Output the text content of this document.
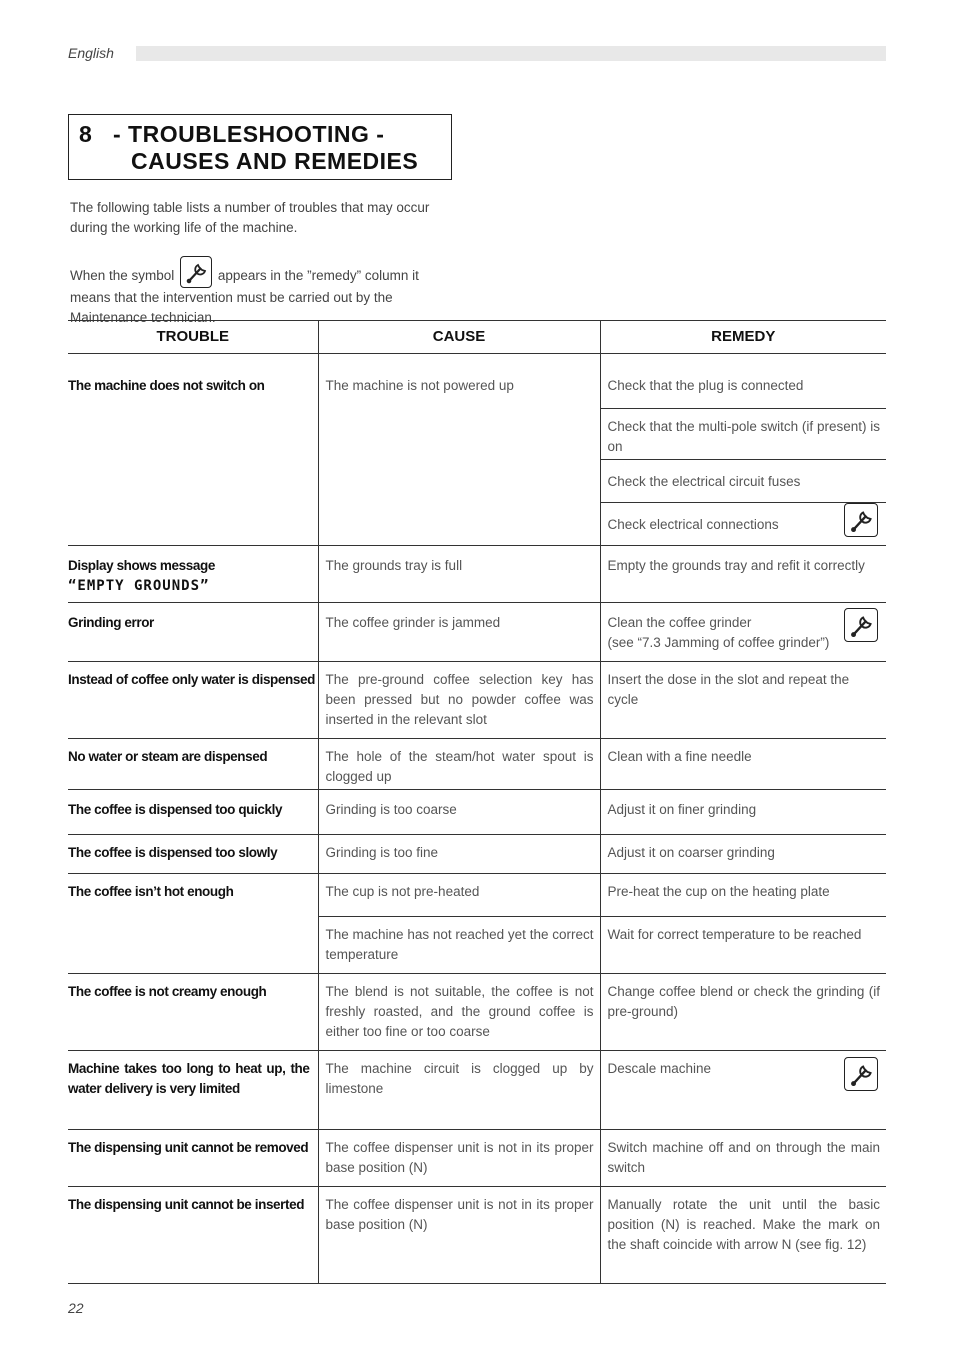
English
8 - TROUBLESHOOTING -
CAUSES AND REMEDIES
The following table lists a number of troubles that may occur during the working life of the machine.
When the symbol	appears in the ”remedy” column it means that the intervention must be carried out by the Maintenance technician.
TROUBLE	CAUSE	REMEDY
The machine does not switch on	The machine is not powered up	Check that the plug is connected
		Check that the multi-pole switch (if present) is on
		Check the electrical circuit fuses

		Check electrical connections

Display shows message
“EMPTY GROUNDS”	The grounds tray is full	Empty the grounds tray and refit it correctly
Grinding error	The coffee grinder is jammed	Clean the coffee grinder
(see “7.3 Jamming of coffee grinder”)

Instead of coffee only water is dispensed	The pre-ground coffee selection key has been pressed but no powder coffee was inserted in the relevant slot	Insert the dose in the slot and repeat the cycle
No water or steam are dispensed	The hole of the steam/hot water spout is clogged up	Clean with a fine needle
The coffee is dispensed too quickly	Grinding is too coarse	Adjust it on finer grinding
The coffee is dispensed too slowly	Grinding is too fine	Adjust it on coarser grinding
The coffee isn’t hot enough	The cup is not pre-heated	Pre-heat the cup on the heating plate
	The machine has not reached yet the correct temperature	Wait for correct temperature to be reached
The coffee is not creamy enough	The blend is not suitable, the coffee is not freshly roasted, and the ground coffee is either too fine or too coarse	Change coffee blend or check the grinding (if pre-ground)
Machine takes too long to heat up, the water delivery is very limited	The machine circuit is clogged up by limestone	Descale machine

The dispensing unit cannot be removed	The coffee dispenser unit is not in its proper base position (N)	Switch machine off and on through the main switch
The dispensing unit cannot be inserted	The coffee dispenser unit is not in its proper base position (N)	Manually rotate the unit until the basic position (N) is reached. Make the mark on the shaft coincide with arrow N (see fig. 12)
22
